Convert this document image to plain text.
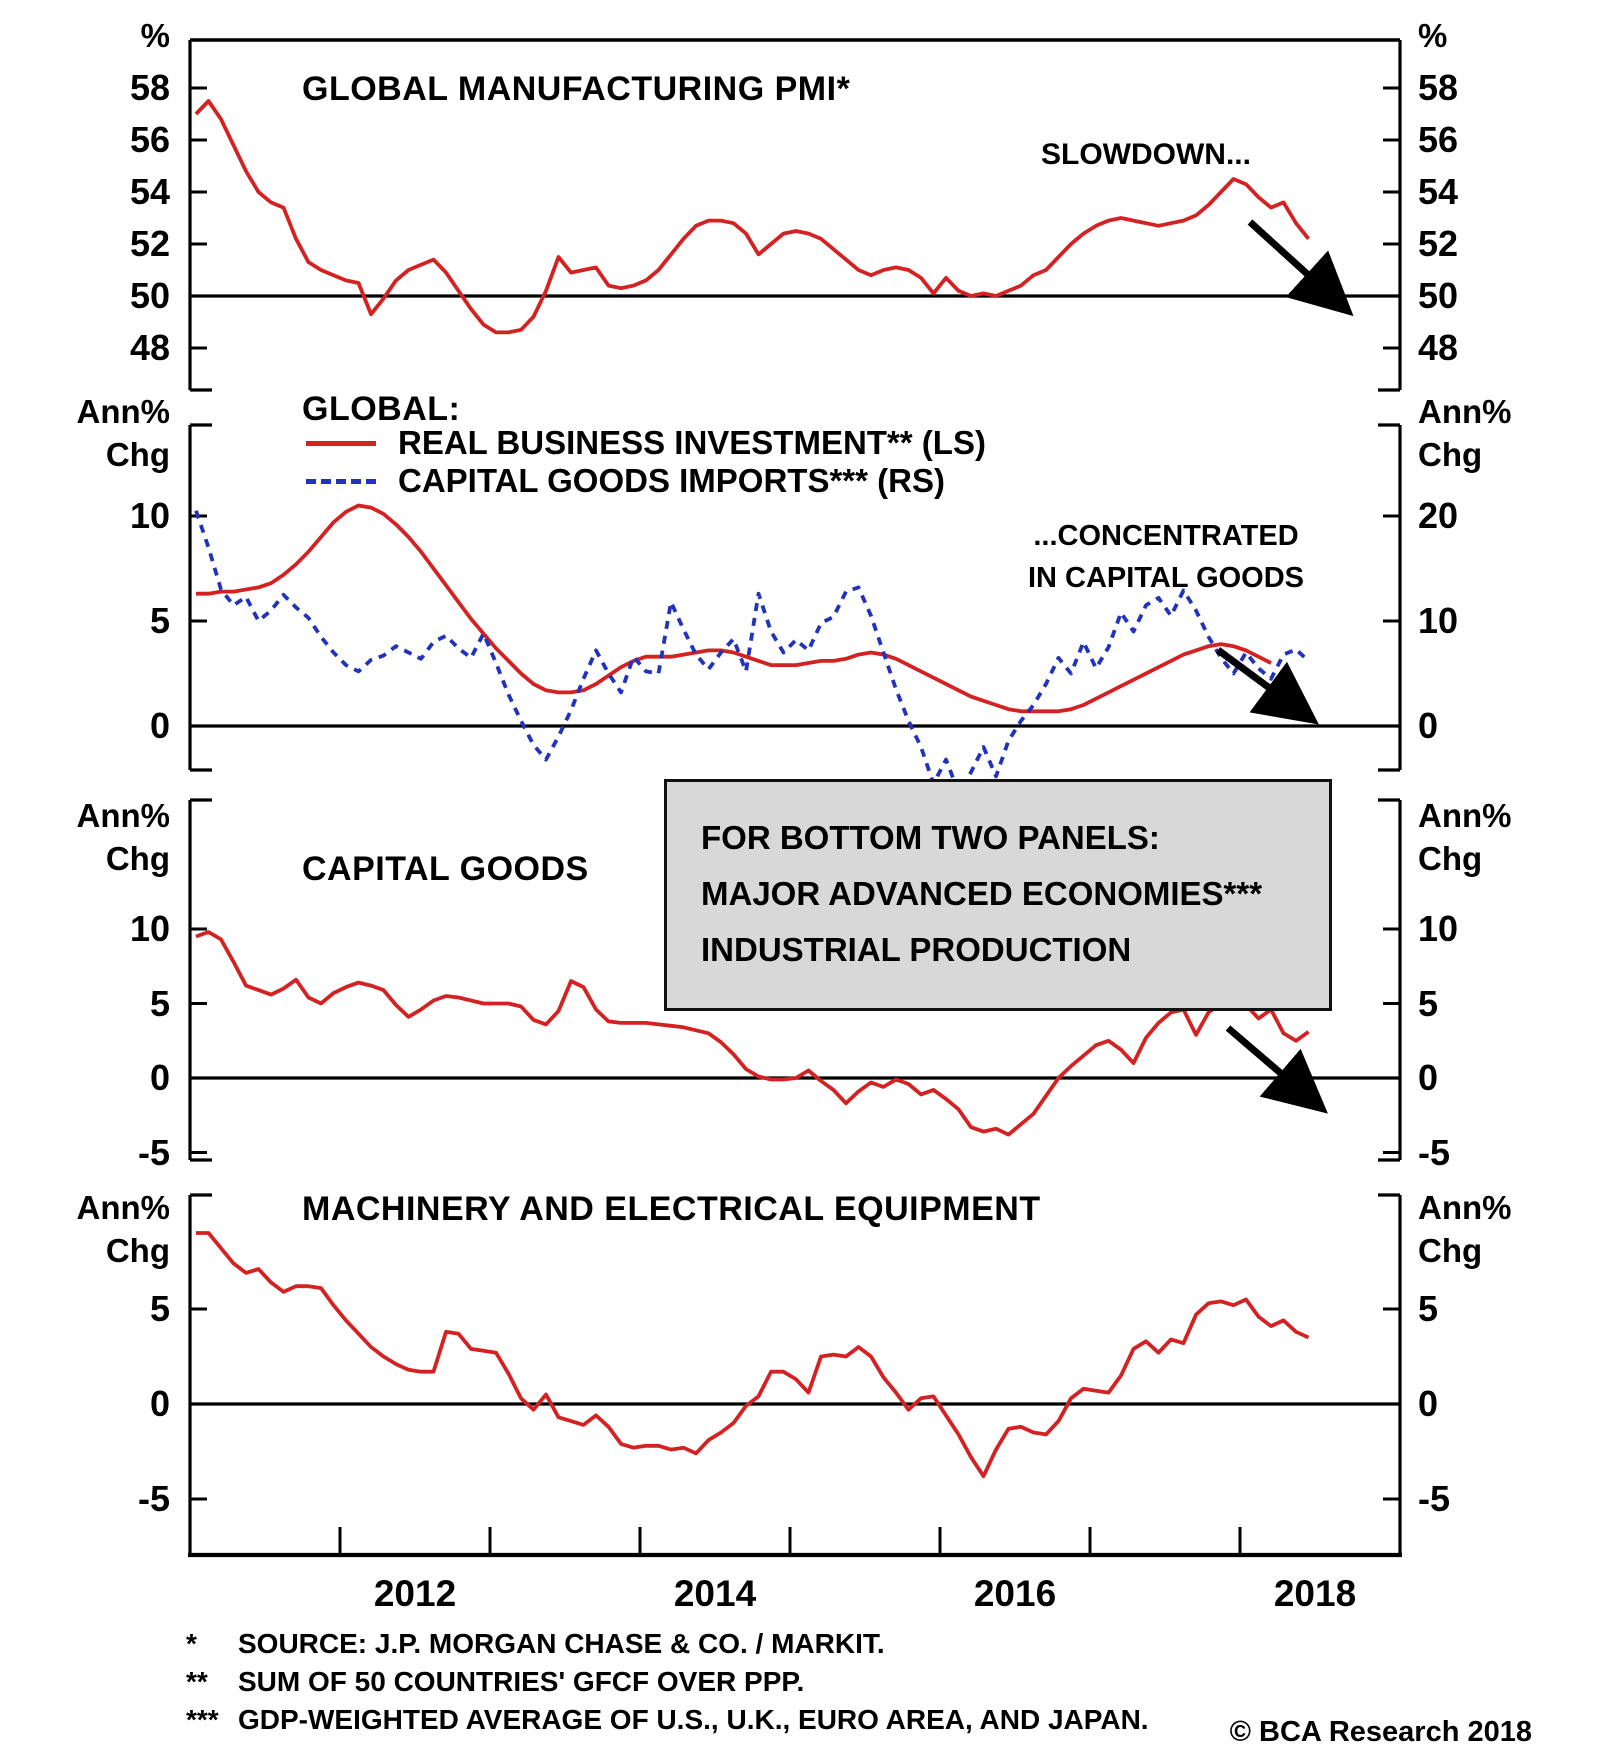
%	%
GLOBAL MANUFACTURING PMI*
SLOWDOWN...
Ann%
Chg
Ann%
Chg
GLOBAL:
REAL BUSINESS INVESTMENT** (LS)
CAPITAL GOODS IMPORTS*** (RS)
...CONCENTRATED
IN CAPITAL GOODS
Ann%
Chg
Ann%
Chg
CAPITAL GOODS
FOR BOTTOM TWO PANELS:
MAJOR ADVANCED ECONOMIES***
INDUSTRIAL PRODUCTION
Ann%
Chg
Ann%
Chg
MACHINERY AND ELECTRICAL EQUIPMENT
*	SOURCE: J.P. MORGAN CHASE & CO. / MARKIT.
**	SUM OF 50 COUNTRIES' GFCF OVER PPP.
*** GDP-WEIGHTED AVERAGE OF U.S., U.K., EURO AREA, AND JAPAN.	© BCA Research 2018
58
56
54
52
50
48
58
56
54
52
50
48
10
5
0
20
10
0
10
5
0
-5
10
5
0
-5
5
0
-5
5
0
-5
2012	2014	2016	2018
